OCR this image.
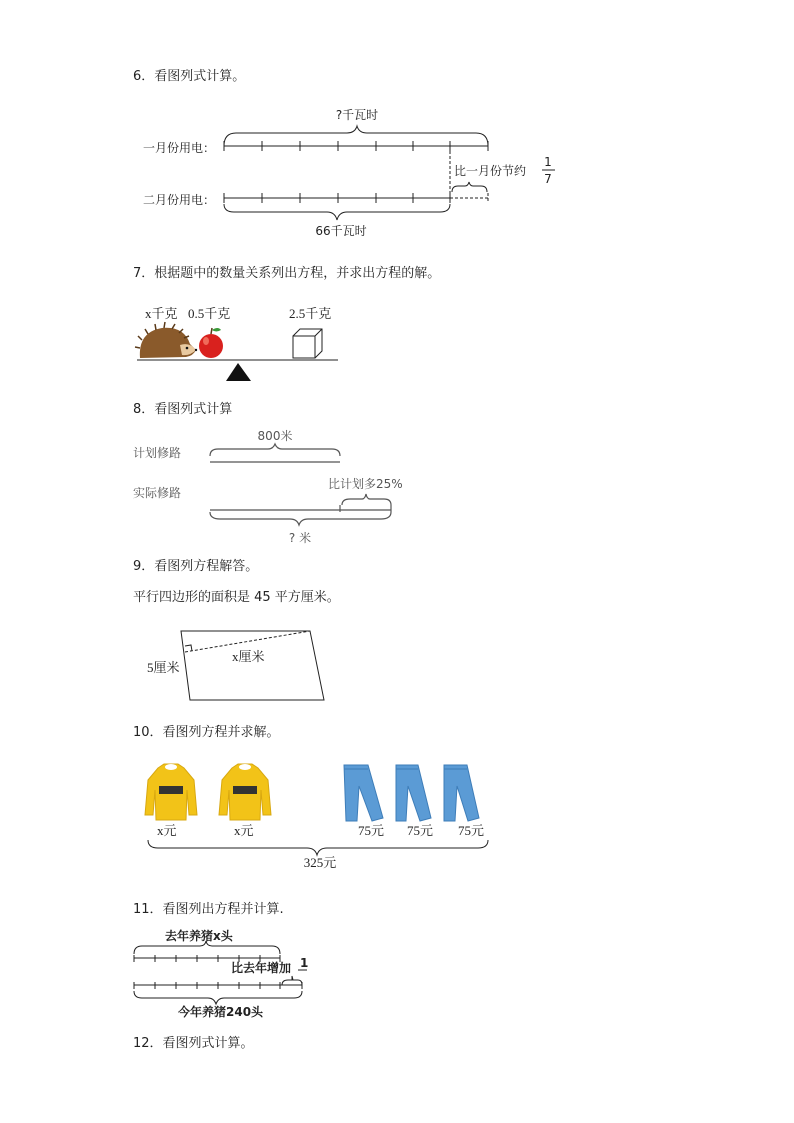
6．看图列式计算。
?千瓦时
一月份用电：
比一月份节约
1
7
二月份用电：
66千瓦时
7．根据题中的数量关系列出方程，并求出方程的解。
x千克 0.5千克	2.5千克
8．看图列式计算
800米
计划修路
实际修路
比计划多25%
? 米
9．看图列方程解答。
平行四边形的面积是 45 平方厘米。
5厘米
x厘米
10．看图列方程并求解。
x元	x元	75元 75元 75元
325元
11．看图列出方程并计算.
去年养猪x头
比去年增加 1
今年养猪240头
12．看图列式计算。
